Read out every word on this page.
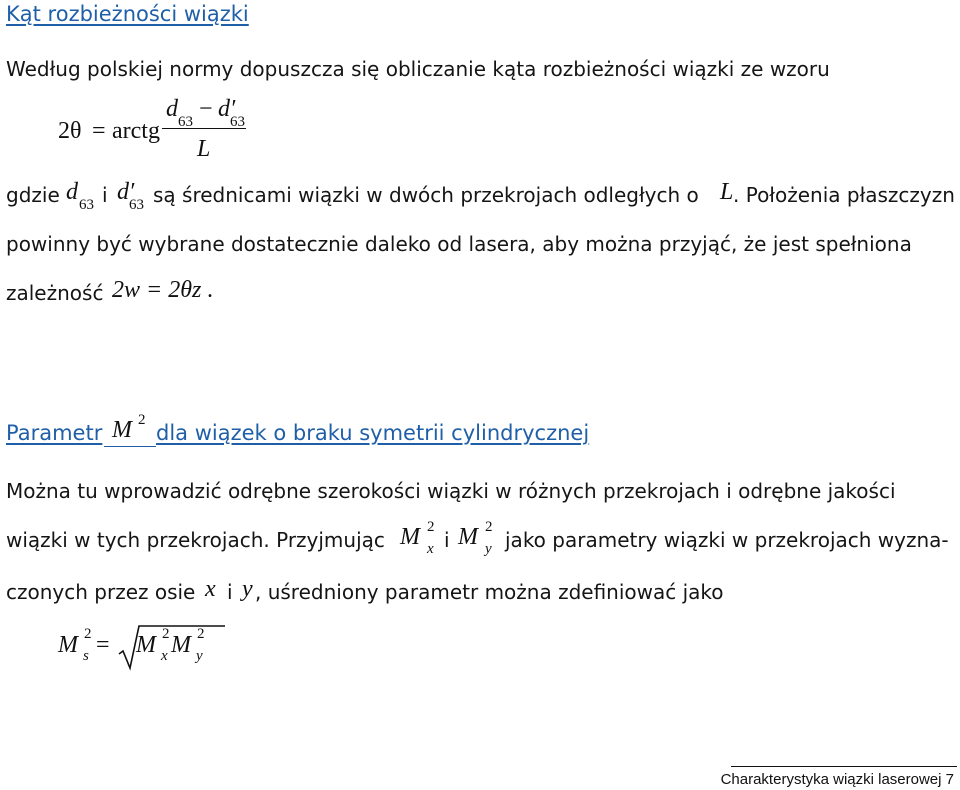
Kąt rozbieżności wiązki
Według polskiej normy dopuszcza się obliczanie kąta rozbieżności wiązki ze wzoru
2θ = arctg
d 63 − d′
63
L
gdzie d 63 i d′
63 są średnicami wiązki w dwóch przekrojach odległych o L . Położenia płaszczyzn
powinny być wybrane dostatecznie daleko od lasera, aby można przyjąć, że jest spełniona
zależność 2w = 2θz .
Parametr M 2
dla wiązek o braku symetrii cylindrycznej
Można tu wprowadzić odrębne szerokości wiązki w różnych przekrojach i odrębne jakości
wiązki w tych przekrojach. Przyjmując M 2
x i M 2
y jako parametry wiązki w przekrojach wyzna-
czonych przez osie x i y , uśredniony parametr można zdefiniować jako
M 2
s = M 2
x M 2
y
Charakterystyka wiązki laserowej 7
